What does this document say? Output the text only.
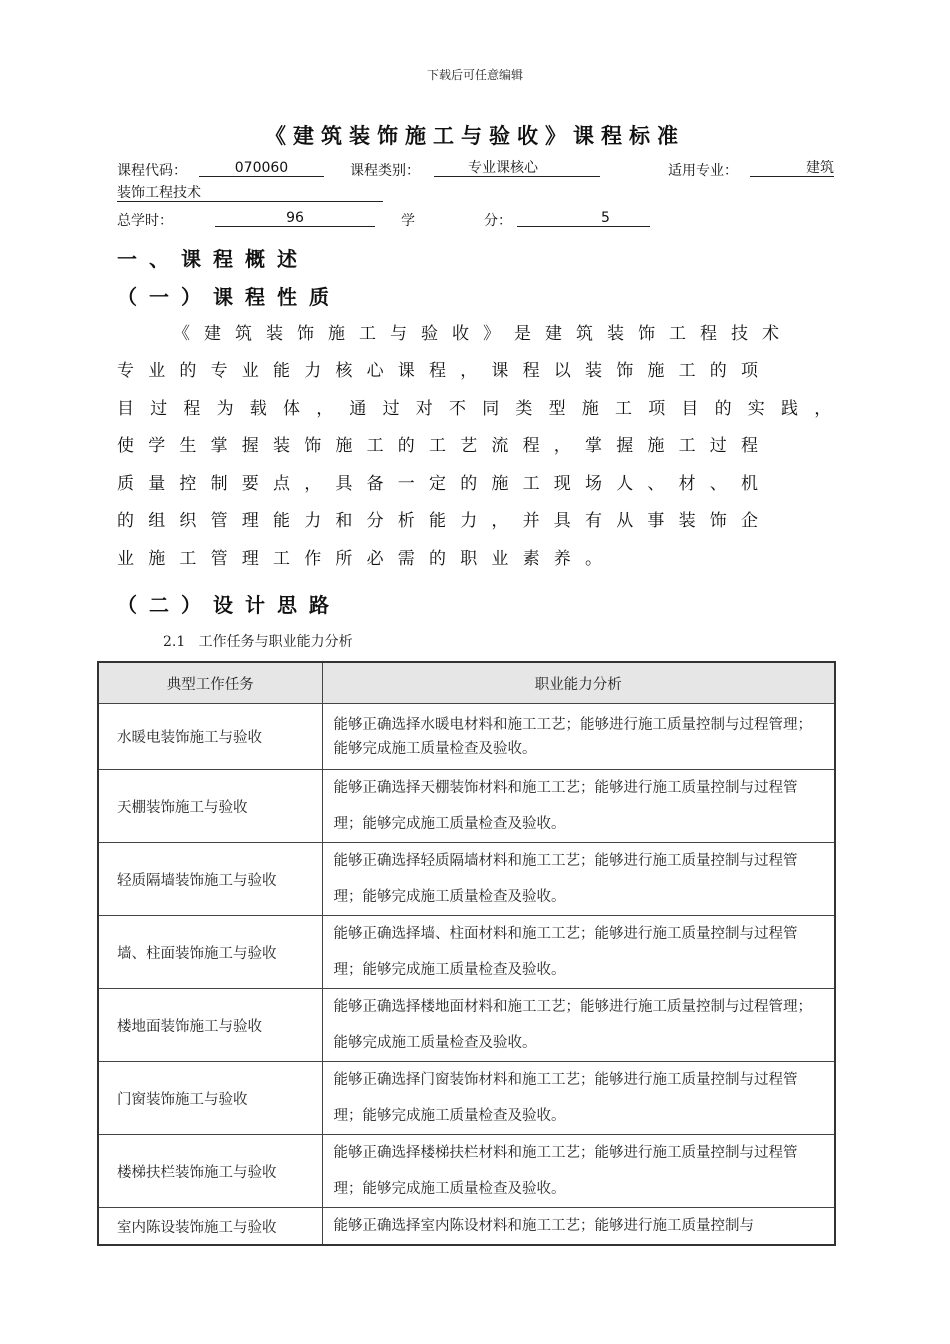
下载后可任意编辑
《建筑装饰施工与验收》课程标准
课程代码：	070060	课程类别：	专业课核心	适用专业：	建筑
装饰工程技术
总学时：	96	学	分：	5
一、课程概述
（一）课程性质
《建筑装饰施工与验收》是建筑装饰工程技术
专业的专业能力核心课程，课程以装饰施工的项
目过程为载体，通过对不同类型施工项目的实践，
使学生掌握装饰施工的工艺流程，掌握施工过程
质量控制要点，具备一定的施工现场人、材、机
的组织管理能力和分析能力，并具有从事装饰企
业施工管理工作所必需的职业素养。
（二）设计思路
2.1   工作任务与职业能力分析
典型工作任务	职业能力分析
水暖电装饰施工与验收	能够正确选择水暖电材料和施工工艺；能够进行施工质量控制与过程管理；能够完成施工质量检查及验收。
天棚装饰施工与验收	能够正确选择天棚装饰材料和施工工艺；能够进行施工质量控制与过程管理；能够完成施工质量检查及验收。
轻质隔墙装饰施工与验收	能够正确选择轻质隔墙材料和施工工艺；能够进行施工质量控制与过程管理；能够完成施工质量检查及验收。
墙、柱面装饰施工与验收	能够正确选择墙、柱面材料和施工工艺；能够进行施工质量控制与过程管理；能够完成施工质量检查及验收。
楼地面装饰施工与验收	能够正确选择楼地面材料和施工工艺；能够进行施工质量控制与过程管理；能够完成施工质量检查及验收。
门窗装饰施工与验收	能够正确选择门窗装饰材料和施工工艺；能够进行施工质量控制与过程管理；能够完成施工质量检查及验收。
楼梯扶栏装饰施工与验收	能够正确选择楼梯扶栏材料和施工工艺；能够进行施工质量控制与过程管理；能够完成施工质量检查及验收。
室内陈设装饰施工与验收	能够正确选择室内陈设材料和施工工艺；能够进行施工质量控制与
